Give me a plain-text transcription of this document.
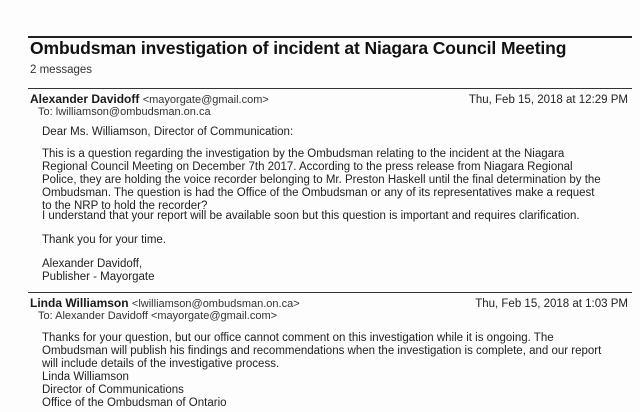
Ombudsman investigation of incident at Niagara Council Meeting
2 messages
Alexander Davidoff <mayorgate@gmail.com>	Thu, Feb 15, 2018 at 12:29 PM
To: lwilliamson@ombudsman.on.ca
Dear Ms. Williamson, Director of Communication:
This is a question regarding the investigation by the Ombudsman relating to the incident at the Niagara Regional Council Meeting on December 7th 2017. According to the press release from Niagara Regional Police, they are holding the voice recorder belonging to Mr. Preston Haskell until the final determination by the Ombudsman. The question is had the Office of the Ombudsman or any of its representatives make a request to the NRP to hold the recorder?
I understand that your report will be available soon but this question is important and requires clarification.
Thank you for your time.
Alexander Davidoff,
Publisher - Mayorgate
Linda Williamson <lwilliamson@ombudsman.on.ca>	Thu, Feb 15, 2018 at 1:03 PM
To: Alexander Davidoff <mayorgate@gmail.com>
Thanks for your question, but our office cannot comment on this investigation while it is ongoing. The Ombudsman will publish his findings and recommendations when the investigation is complete, and our report will include details of the investigative process.
Linda Williamson
Director of Communications
Office of the Ombudsman of Ontario
